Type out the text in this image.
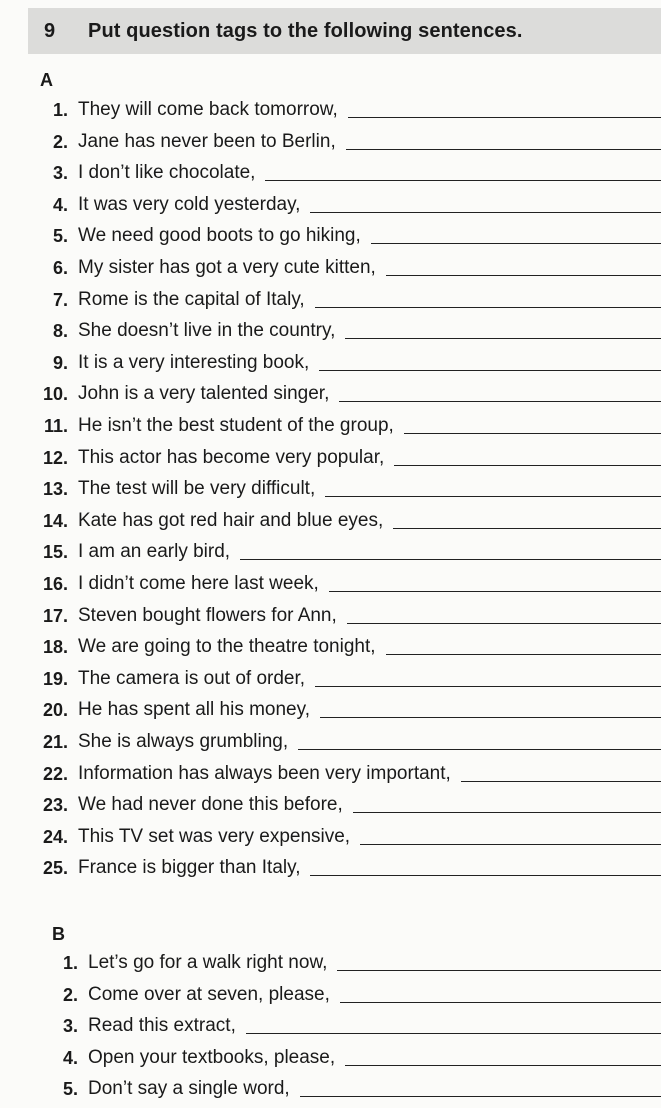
9	Put question tags to the following sentences.
A
1. They will come back tomorrow,
2. Jane has never been to Berlin,
3. I don’t like chocolate,
4. It was very cold yesterday,
5. We need good boots to go hiking,
6. My sister has got a very cute kitten,
7. Rome is the capital of Italy,
8. She doesn’t live in the country,
9. It is a very interesting book,
10. John is a very talented singer,
11. He isn’t the best student of the group,
12. This actor has become very popular,
13. The test will be very difficult,
14. Kate has got red hair and blue eyes,
15. I am an early bird,
16. I didn’t come here last week,
17. Steven bought flowers for Ann,
18. We are going to the theatre tonight,
19. The camera is out of order,
20. He has spent all his money,
21. She is always grumbling,
22. Information has always been very important,
23. We had never done this before,
24. This TV set was very expensive,
25. France is bigger than Italy,
B
1. Let’s go for a walk right now,
2. Come over at seven, please,
3. Read this extract,
4. Open your textbooks, please,
5. Don’t say a single word,
